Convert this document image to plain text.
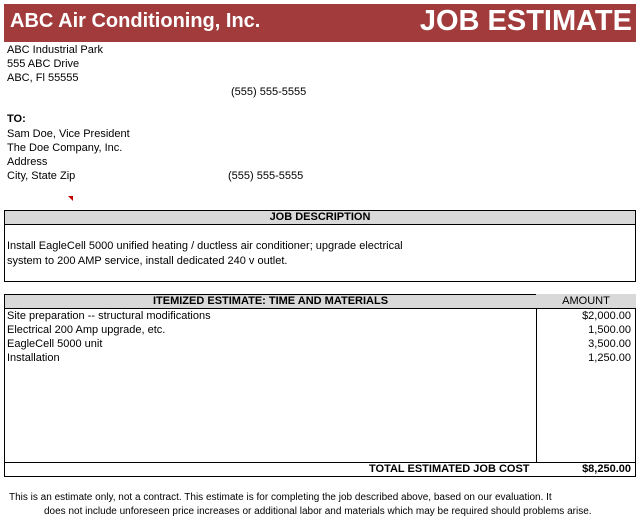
ABC Air Conditioning, Inc.	JOB ESTIMATE
ABC Industrial Park
555 ABC Drive
ABC, Fl 55555
(555) 555-5555
TO:
Sam Doe, Vice President
The Doe Company, Inc.
Address
City, State Zip	(555) 555-5555
JOB DESCRIPTION
Install EagleCell 5000 unified heating / ductless air conditioner; upgrade electrical
system to 200 AMP service, install dedicated 240 v outlet.
ITEMIZED ESTIMATE: TIME AND MATERIALS	AMOUNT
Site preparation -- structural modifications	$2,000.00
Electrical 200 Amp upgrade, etc.	1,500.00
EagleCell 5000 unit	3,500.00
Installation	1,250.00
TOTAL ESTIMATED JOB COST	$8,250.00
This is an estimate only, not a contract. This estimate is for completing the job described above, based on our evaluation. It
does not include unforeseen price increases or additional labor and materials which may be required should problems arise.
